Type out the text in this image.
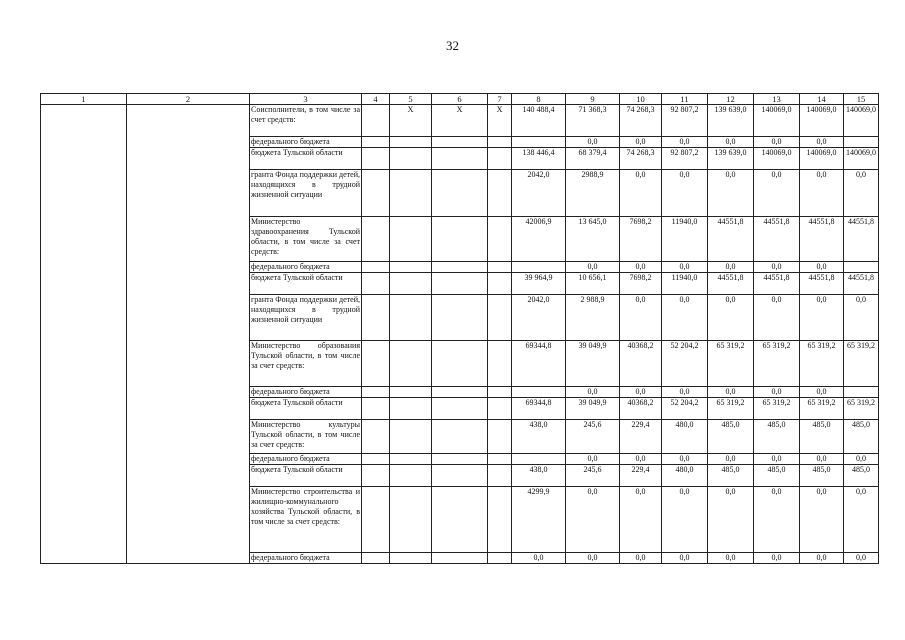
32
1	2	3	4	5	6	7	8	9	10	11	12	13	14	15
		Соисполнители, в том числе за счет средств:		X	X	X	140 488,4	71 368,3	74 268,3	92 807,2	139 639,0	140069,0	140069,0	140069,0
		федерального бюджета						0,0	0,0	0,0	0,0	0,0	0,0	
		бюджета Тульской области					138 446,4	68 379,4	74 268,3	92 807,2	139 639,0	140069,0	140069,0	140069,0
		гранта Фонда поддержки детей, находящихся в трудной жизненной ситуации					2042,0	2988,9	0,0	0,0	0,0	0,0	0,0	0,0
		Министерство здравоохранения Тульской области, в том числе за счет средств:					42006,9	13 645,0	7698,2	11940,0	44551,8	44551,8	44551,8	44551,8
		федерального бюджета						0,0	0,0	0,0	0,0	0,0	0,0	
		бюджета Тульской области					39 964,9	10 656,1	7698,2	11940,0	44551,8	44551,8	44551,8	44551,8
		гранта Фонда поддержки детей, находящихся в трудной жизненной ситуации					2042,0	2 988,9	0,0	0,0	0,0	0,0	0,0	0,0
		Министерство образования Тульской области, в том числе за счет средств:					69344,8	39 049,9	40368,2	52 204,2	65 319,2	65 319,2	65 319,2	65 319,2
		федерального бюджета						0,0	0,0	0,0	0,0	0,0	0,0	
		бюджета Тульской области					69344,8	39 049,9	40368,2	52 204,2	65 319,2	65 319,2	65 319,2	65 319,2
		Министерство культуры Тульской области, в том числе за счет средств:					438,0	245,6	229,4	480,0	485,0	485,0	485,0	485,0
		федерального бюджета						0,0	0,0	0,0	0,0	0,0	0,0	0,0
		бюджета Тульской области					438,0	245,6	229,4	480,0	485,0	485,0	485,0	485,0
		Министерство строительства и жилищно-коммунального хозяйства Тульской области, в том числе за счет средств:					4299,9	0,0	0,0	0,0	0,0	0,0	0,0	0,0
		федерального бюджета					0,0	0,0	0,0	0,0	0,0	0,0	0,0	0,0
